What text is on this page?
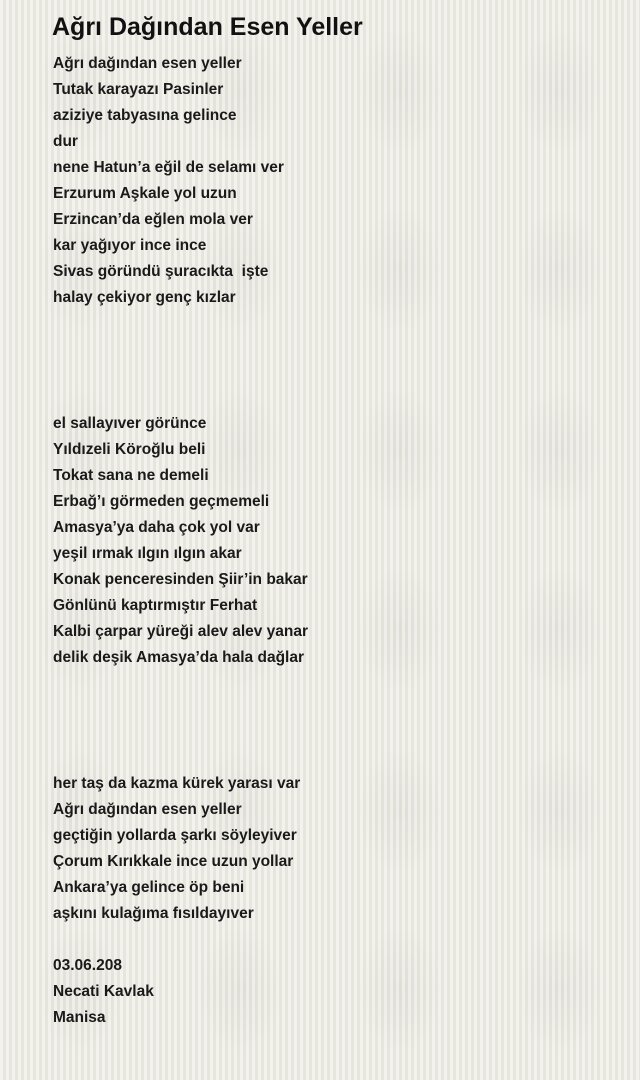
Ağrı Dağından Esen Yeller
Ağrı dağından esen yeller
Tutak karayazı Pasinler
aziziye tabyasına gelince
dur
nene Hatun’a eğil de selamı ver
Erzurum Aşkale yol uzun
Erzincan’da eğlen mola ver
kar yağıyor ince ince
Sivas göründü şuracıkta  işte
halay çekiyor genç kızlar
el sallayıver görünce
Yıldızeli Köroğlu beli
Tokat sana ne demeli
Erbağ’ı görmeden geçmemeli
Amasya’ya daha çok yol var
yeşil ırmak ılgın ılgın akar
Konak penceresinden Şiir’in bakar
Gönlünü kaptırmıştır Ferhat
Kalbi çarpar yüreği alev alev yanar
delik deşik Amasya’da hala dağlar
her taş da kazma kürek yarası var
Ağrı dağından esen yeller
geçtiğin yollarda şarkı söyleyiver
Çorum Kırıkkale ince uzun yollar
Ankara’ya gelince öp beni
aşkını kulağıma fısıldayıver
03.06.208
Necati Kavlak
Manisa
